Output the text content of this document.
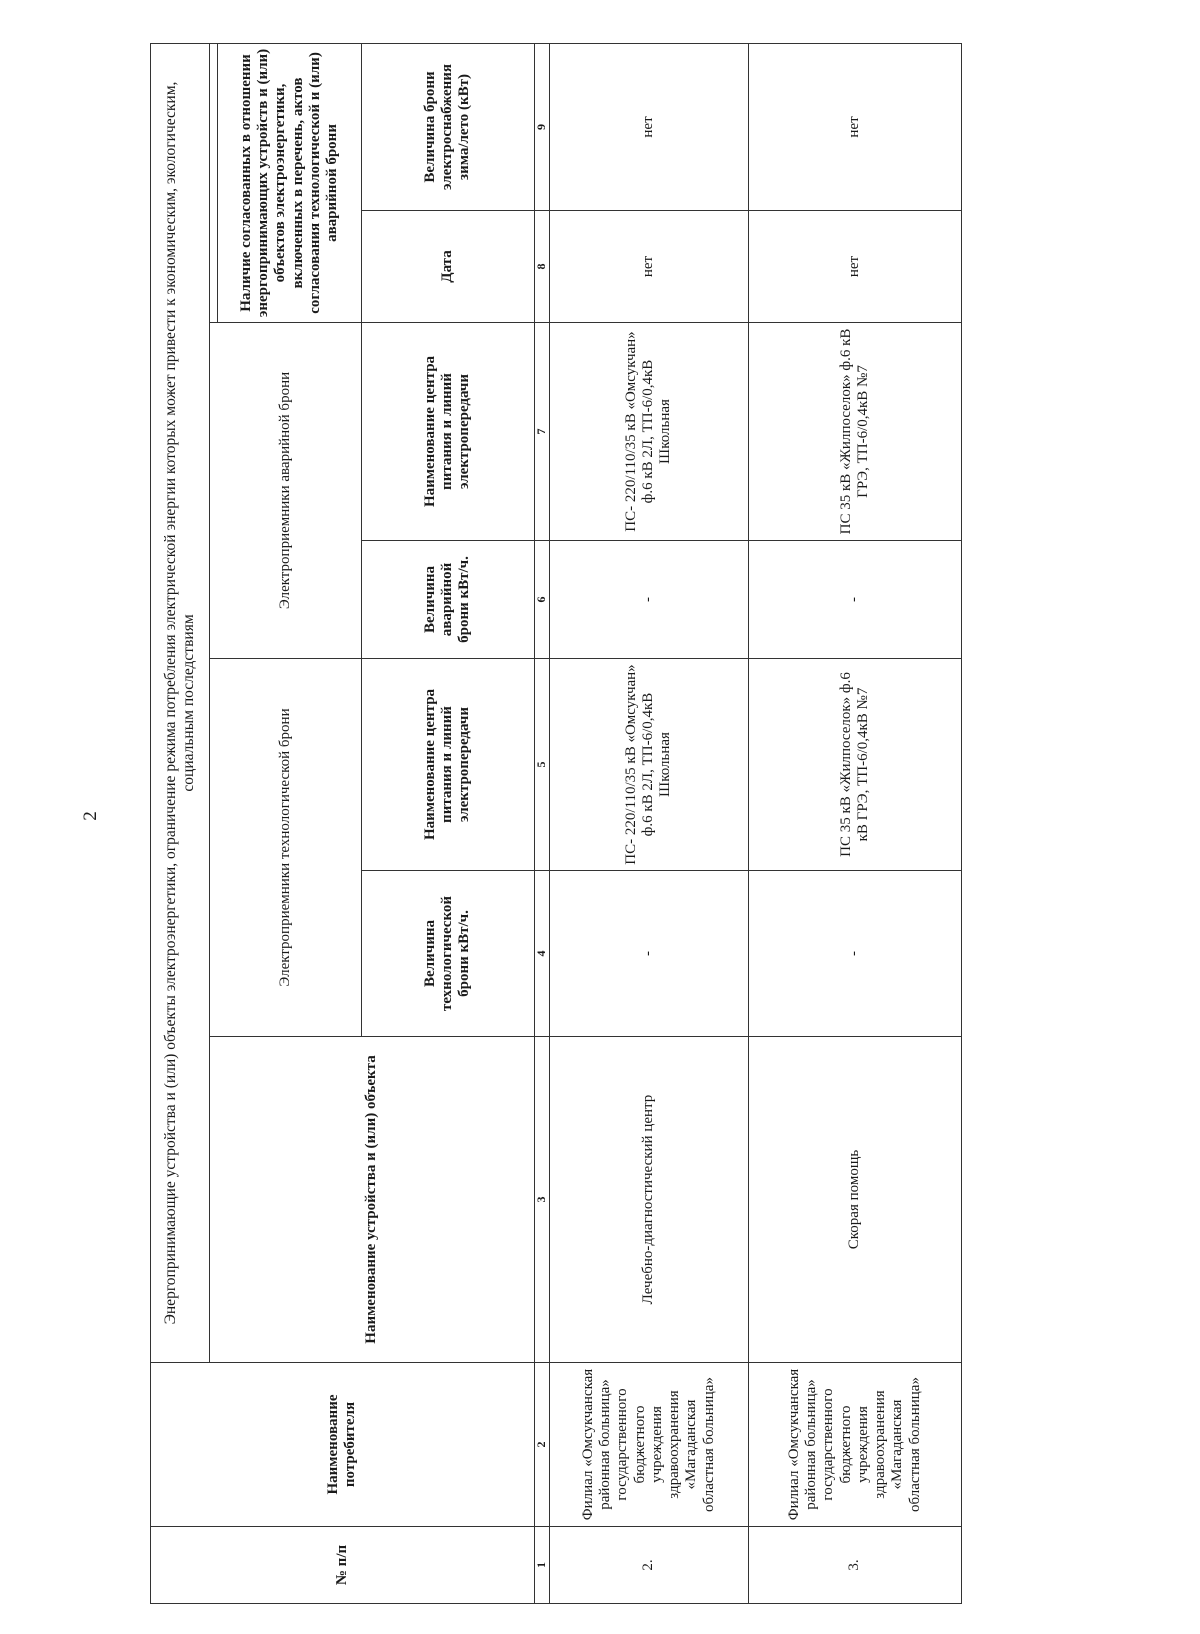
2
№ п/п	Наименование потребителя	Энергопринимающие устройства и (или) объекты электроэнергетики, ограничение режима потребления электрической энергии которых может привести к экономическим, экологическим, социальным последствиям						
		Наименование устройства и (или) объекта	Электроприемники технологической брони		Электроприемники аварийной брони			
							Наличие согласованных в отношении энергопринимающих устройств и (или) объектов электроэнергетики, включенных в перечень, актов согласования технологической и (или) аварийной брони	
			Величина технологической брони кВт/ч.	Наименование центра питания и линий электропередачи	Величина аварийной брони кВт/ч.	Наименование центра питания и линий электропередачи	Дата	Величина брони электроснабжения зима/лето (кВт)
1	2	3	4	5	6	7	8	9
2.	Филиал «Омсукчанская районная больница» государственного бюджетного учреждения здравоохранения «Магаданская областная больница»	Лечебно-диагностический центр	-	ПС- 220/110/35 кВ «Омсукчан» ф.6 кВ 2Л, ТП-6/0,4кВ Школьная	-	ПС- 220/110/35 кВ «Омсукчан» ф.6 кВ 2Л, ТП-6/0,4кВ Школьная	нет	нет
3.	Филиал «Омсукчанская районная больница» государственного бюджетного учреждения здравоохранения «Магаданская областная больница»	Скорая помощь	-	ПС 35 кВ «Жилпоселок» ф.6 кВ ГРЭ, ТП-6/0,4кВ №7	-	ПС 35 кВ «Жилпоселок» ф.6 кВ ГРЭ, ТП-6/0,4кВ №7	нет	нет
